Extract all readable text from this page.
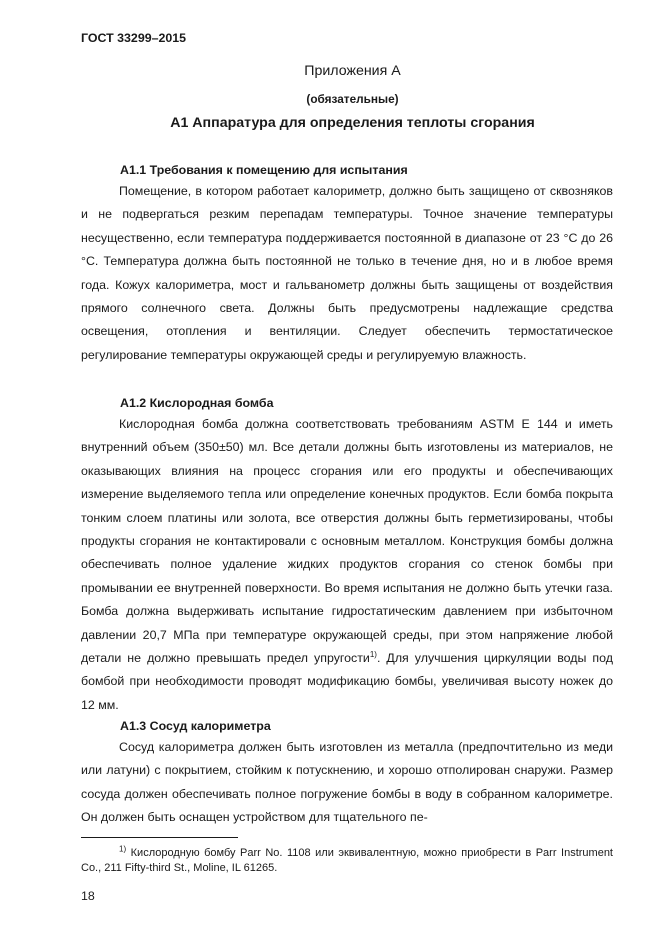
ГОСТ 33299–2015
Приложения А
(обязательные)
А1 Аппаратура для определения теплоты сгорания
А1.1 Требования к помещению для испытания

Помещение, в котором работает калориметр, должно быть защищено от сквозняков и не подвергаться резким перепадам температуры. Точное значение температуры несущественно, если температура поддерживается постоянной в диапазоне от 23 °С до 26 °С. Температура должна быть постоянной не только в течение дня, но и в любое время года. Кожух калориметра, мост и гальванометр должны быть защищены от воздействия прямого солнечного света. Должны быть предусмотрены надлежащие средства освещения, отопления и вентиляции. Следует обеспечить термостатическое регулирование температуры окружающей среды и регулируемую влажность.

А1.2 Кислородная бомба

Кислородная бомба должна соответствовать требованиям ASTM E 144 и иметь внутренний объем (350±50) мл. Все детали должны быть изготовлены из материалов, не оказывающих влияния на процесс сгорания или его продукты и обеспечивающих измерение выделяемого тепла или определение конечных продуктов. Если бомба покрыта тонким слоем платины или золота, все отверстия должны быть герметизированы, чтобы продукты сгорания не контактировали с основным металлом. Конструкция бомбы должна обеспечивать полное удаление жидких продуктов сгорания со стенок бомбы при промывании ее внутренней поверхности. Во время испытания не должно быть утечки газа. Бомба должна выдерживать испытание гидростатическим давлением при избыточном давлении 20,7 МПа при температуре окружающей среды, при этом напряжение любой детали не должно превышать предел упругости$^{1)}$. Для улучшения циркуляции воды под бомбой при необходимости проводят модификацию бомбы, увеличивая высоту ножек до 12 мм.

А1.3 Сосуд калориметра

Сосуд калориметра должен быть изготовлен из металла (предпочтительно из меди или латуни) с покрытием, стойким к потускнению, и хорошо отполирован снаружи. Размер сосуда должен обеспечивать полное погружение бомбы в воду в собранном калориметре. Он должен быть оснащен устройством для тщательного пе-

$^{1)}$ Кислородную бомбу Parr No. 1108 или эквивалентную, можно приобрести в Parr Instrument Co., 211 Fifty-third St., Moline, IL 61265.

18
